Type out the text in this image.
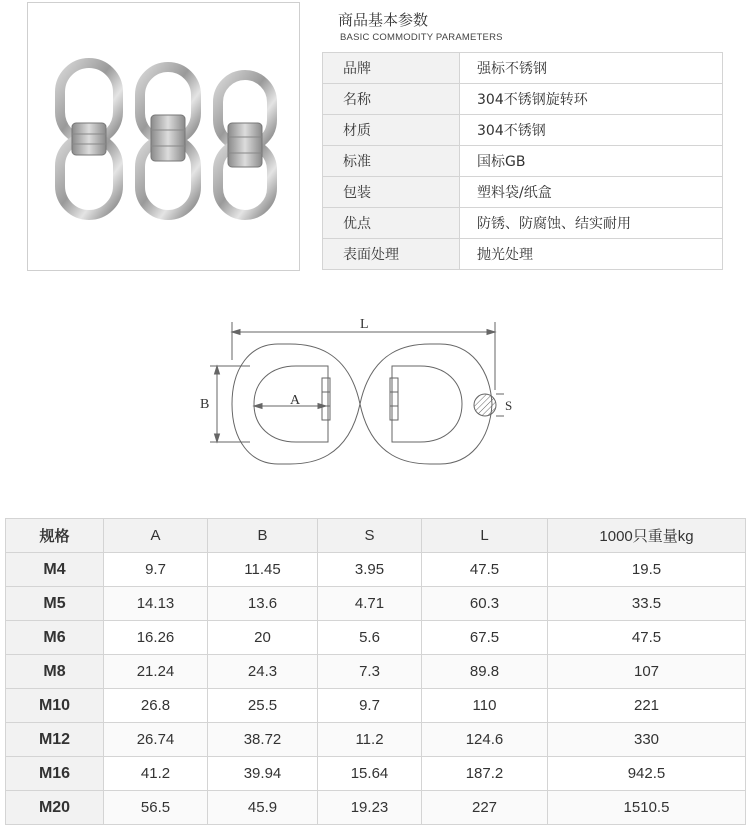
商品基本参数
BASIC COMMODITY PARAMETERS
品牌	强标不锈钢
名称	304不锈钢旋转环
材质	304不锈钢
标准	国标GB
包装	塑料袋/纸盒
优点	防锈、防腐蚀、结实耐用
表面处理	抛光处理
L
B	A	S
规格	A	B	S	L	1000只重量kg
M4	9.7	11.45	3.95	47.5	19.5
M5	14.13	13.6	4.71	60.3	33.5
M6	16.26	20	5.6	67.5	47.5
M8	21.24	24.3	7.3	89.8	107
M10	26.8	25.5	9.7	110	221
M12	26.74	38.72	11.2	124.6	330
M16	41.2	39.94	15.64	187.2	942.5
M20	56.5	45.9	19.23	227	1510.5
